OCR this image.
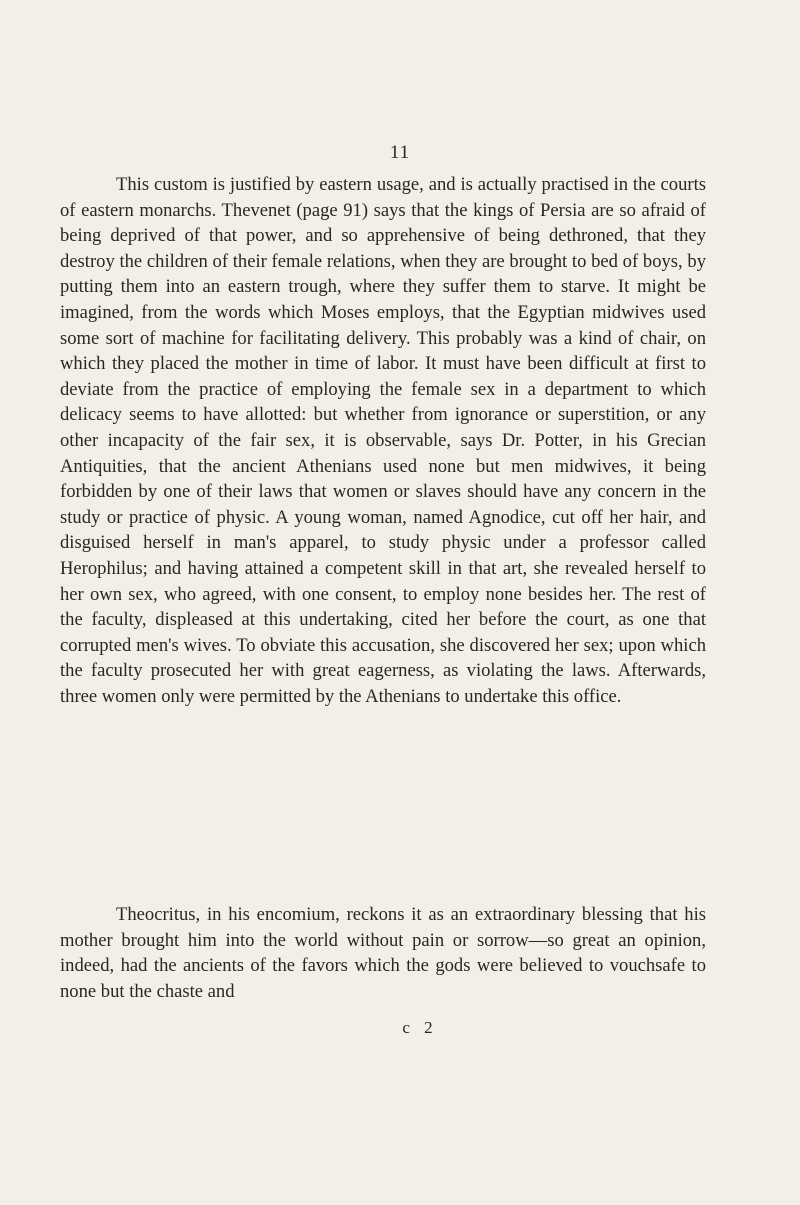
11

This custom is justified by eastern usage, and is actually practised in the courts of eastern monarchs. Thevenet (page 91) says that the kings of Persia are so afraid of being deprived of that power, and so apprehensive of being dethroned, that they destroy the children of their female relations, when they are brought to bed of boys, by putting them into an eastern trough, where they suffer them to starve. It might be imagined, from the words which Moses employs, that the Egyptian midwives used some sort of machine for facilitating delivery. This probably was a kind of chair, on which they placed the mother in time of labor. It must have been difficult at first to deviate from the practice of employing the female sex in a department to which delicacy seems to have allotted: but whether from ignorance or superstition, or any other incapacity of the fair sex, it is observable, says Dr. Potter, in his Grecian Antiquities, that the ancient Athenians used none but men midwives, it being forbidden by one of their laws that women or slaves should have any concern in the study or practice of physic. A young woman, named Agnodice, cut off her hair, and disguised herself in man's apparel, to study physic under a professor called Herophilus; and having attained a competent skill in that art, she revealed herself to her own sex, who agreed, with one consent, to employ none besides her. The rest of the faculty, displeased at this undertaking, cited her before the court, as one that corrupted men's wives. To obviate this accusation, she discovered her sex; upon which the faculty prosecuted her with great eagerness, as violating the laws. Afterwards, three women only were permitted by the Athenians to undertake this office.

Theocritus, in his encomium, reckons it as an extraordinary blessing that his mother brought him into the world without pain or sorrow—so great an opinion, indeed, had the ancients of the favors which the gods were believed to vouchsafe to none but the chaste and

c 2
